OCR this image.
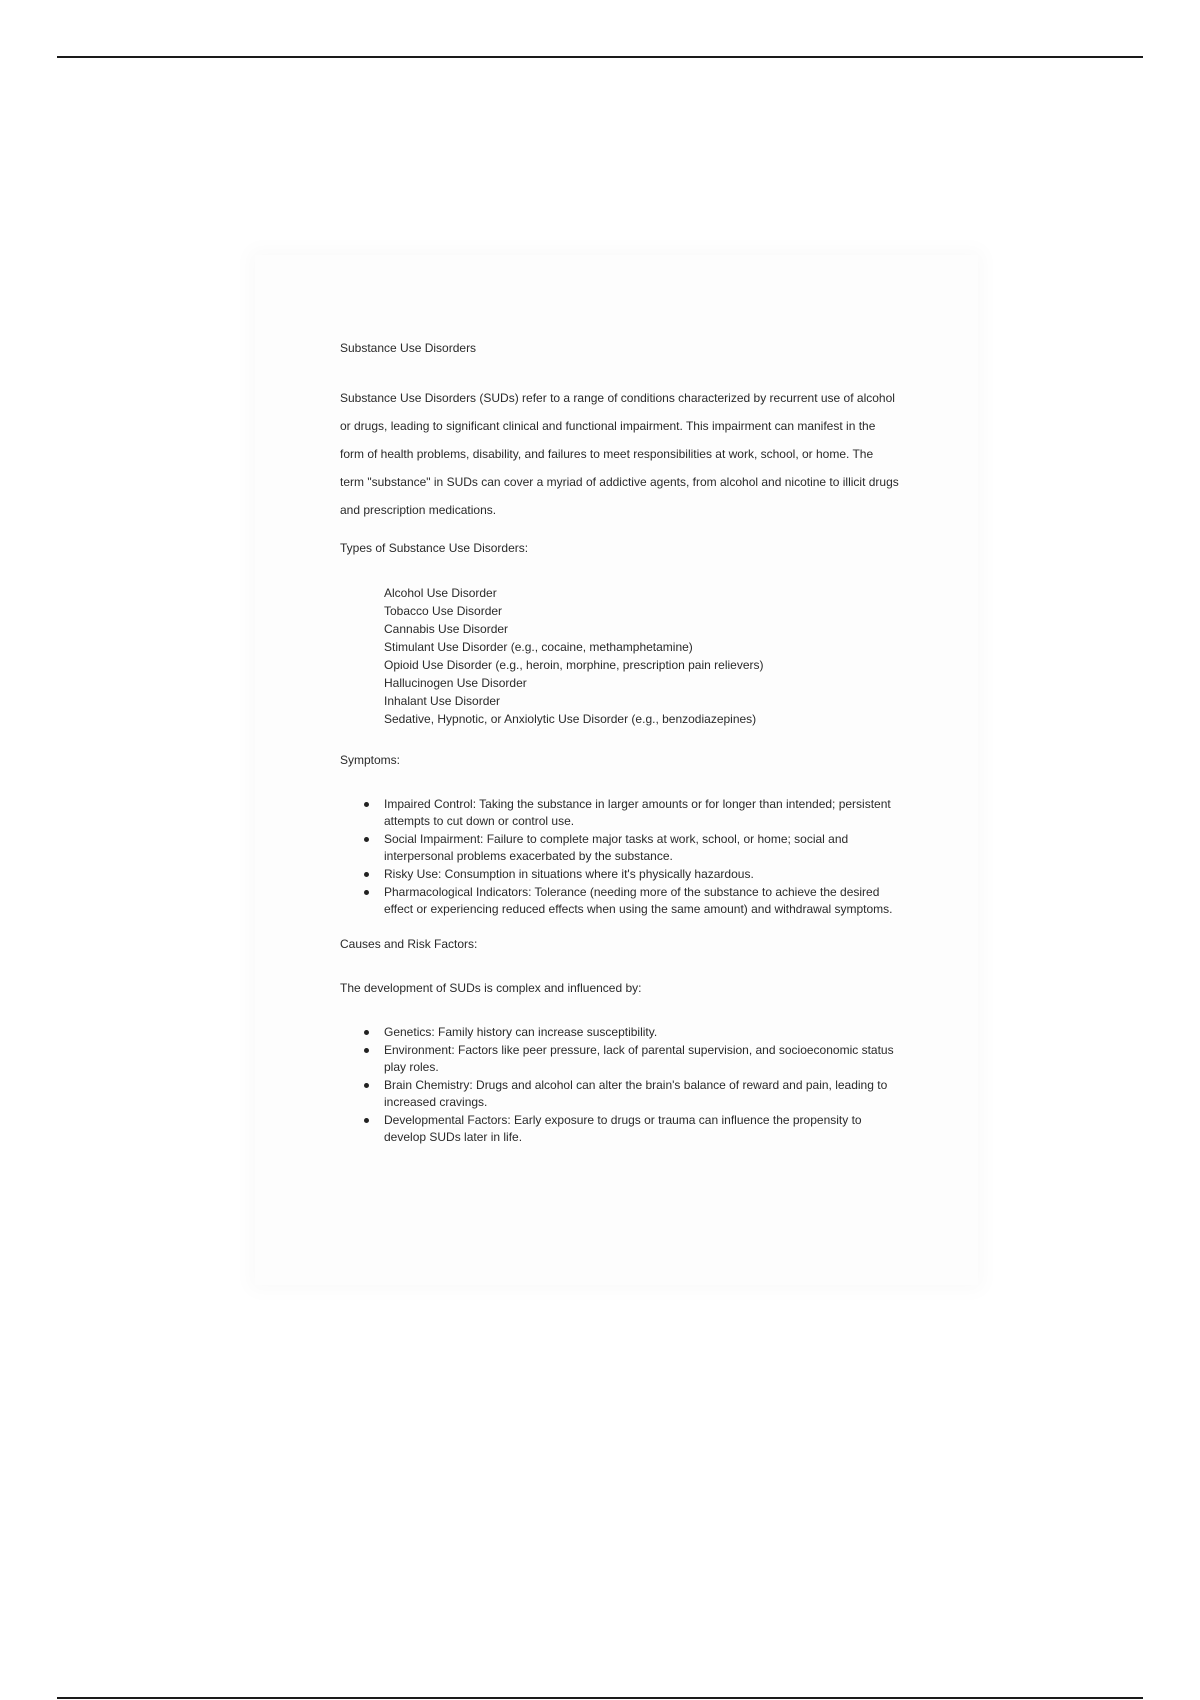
Substance Use Disorders

Substance Use Disorders (SUDs) refer to a range of conditions characterized by recurrent use of alcohol or drugs, leading to significant clinical and functional impairment. This impairment can manifest in the form of health problems, disability, and failures to meet responsibilities at work, school, or home. The term "substance" in SUDs can cover a myriad of addictive agents, from alcohol and nicotine to illicit drugs and prescription medications.

Types of Substance Use Disorders:
Alcohol Use Disorder
Tobacco Use Disorder
Cannabis Use Disorder
Stimulant Use Disorder (e.g., cocaine, methamphetamine)
Opioid Use Disorder (e.g., heroin, morphine, prescription pain relievers)
Hallucinogen Use Disorder
Inhalant Use Disorder
Sedative, Hypnotic, or Anxiolytic Use Disorder (e.g., benzodiazepines)
Symptoms:
Impaired Control: Taking the substance in larger amounts or for longer than intended; persistent attempts to cut down or control use.
Social Impairment: Failure to complete major tasks at work, school, or home; social and interpersonal problems exacerbated by the substance.
Risky Use: Consumption in situations where it's physically hazardous.
Pharmacological Indicators: Tolerance (needing more of the substance to achieve the desired effect or experiencing reduced effects when using the same amount) and withdrawal symptoms.
Causes and Risk Factors:

The development of SUDs is complex and influenced by:

Genetics: Family history can increase susceptibility.
Environment: Factors like peer pressure, lack of parental supervision, and socioeconomic status play roles.
Brain Chemistry: Drugs and alcohol can alter the brain's balance of reward and pain, leading to increased cravings.
Developmental Factors: Early exposure to drugs or trauma can influence the propensity to develop SUDs later in life.
